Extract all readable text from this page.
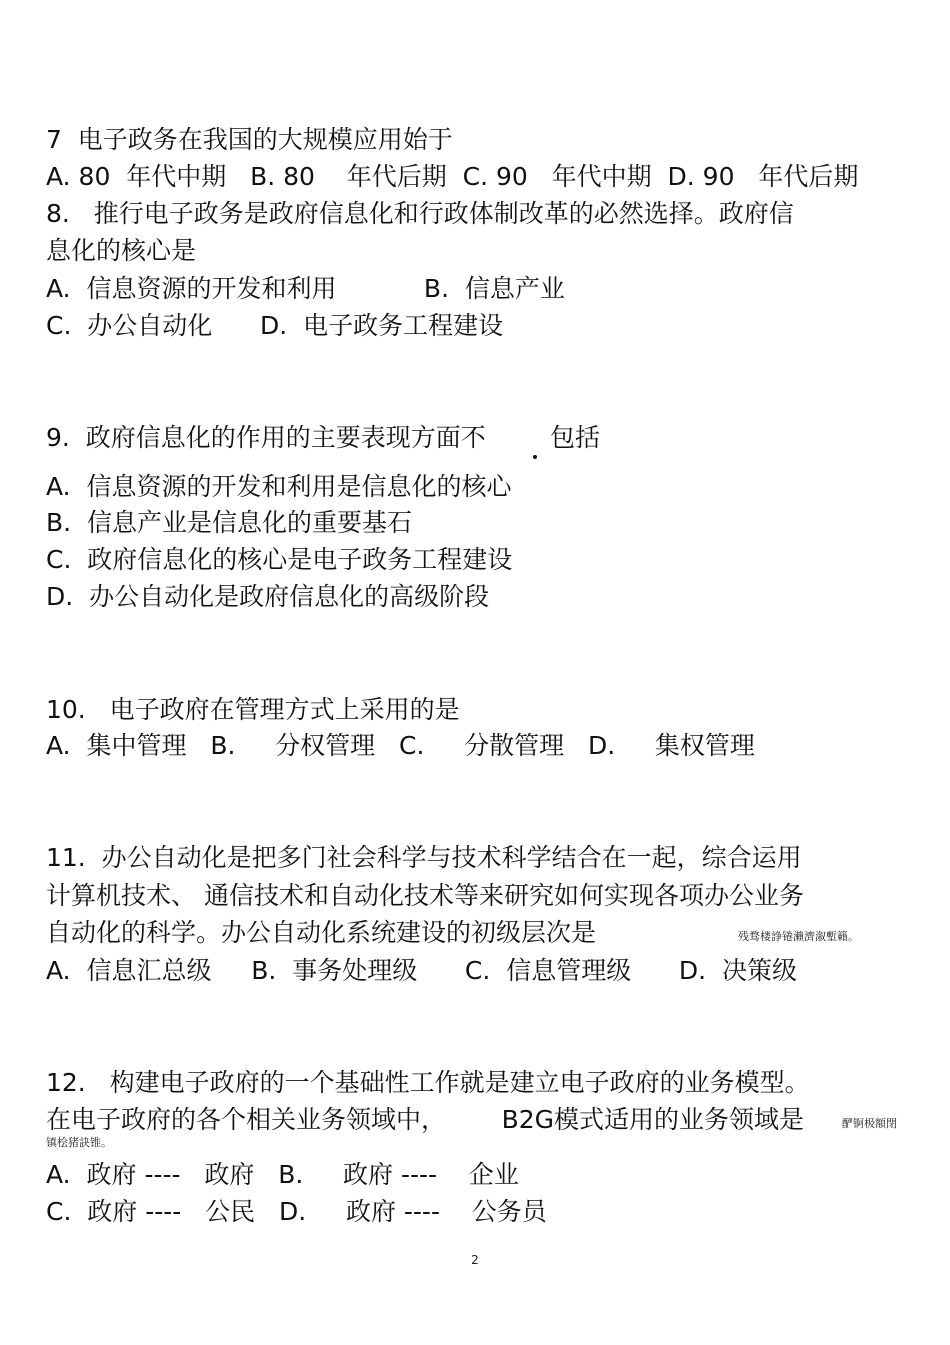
7  电子政务在我国的大规模应用始于
A. 80  年代中期   B. 80    年代后期  C. 90   年代中期  D. 90   年代后期
8.   推行电子政务是政府信息化和行政体制改革的必然选择。政府信
息化的核心是
A.  信息资源的开发和利用           B.  信息产业
C.  办公自动化      D.  电子政务工程建设
9.  政府信息化的作用的主要表现方面不	包括
A.  信息资源的开发和利用是信息化的核心
B.  信息产业是信息化的重要基石
C.  政府信息化的核心是电子政务工程建设
D.  办公自动化是政府信息化的高级阶段
10.   电子政府在管理方式上采用的是
A.  集中管理   B.     分权管理   C.     分散管理   D.     集权管理
11.  办公自动化是把多门社会科学与技术科学结合在一起，综合运用
计算机技术、 通信技术和自动化技术等来研究如何实现各项办公业务
自动化的科学。办公自动化系统建设的初级层次是	残骛楼諍锩瀨濟溆塹籟。
A.  信息汇总级     B.  事务处理级      C.  信息管理级      D.  决策级
12.   构建电子政府的一个基础性工作就是建立电子政府的业务模型。
在电子政府的各个相关业务领域中，       B2G模式适用的业务领域是	酽锕极額閉
镇桧猪訣锥。
A.  政府 ----   政府   B.     政府 ----    企业
C.  政府 ----   公民   D.     政府 ----    公务员
2
